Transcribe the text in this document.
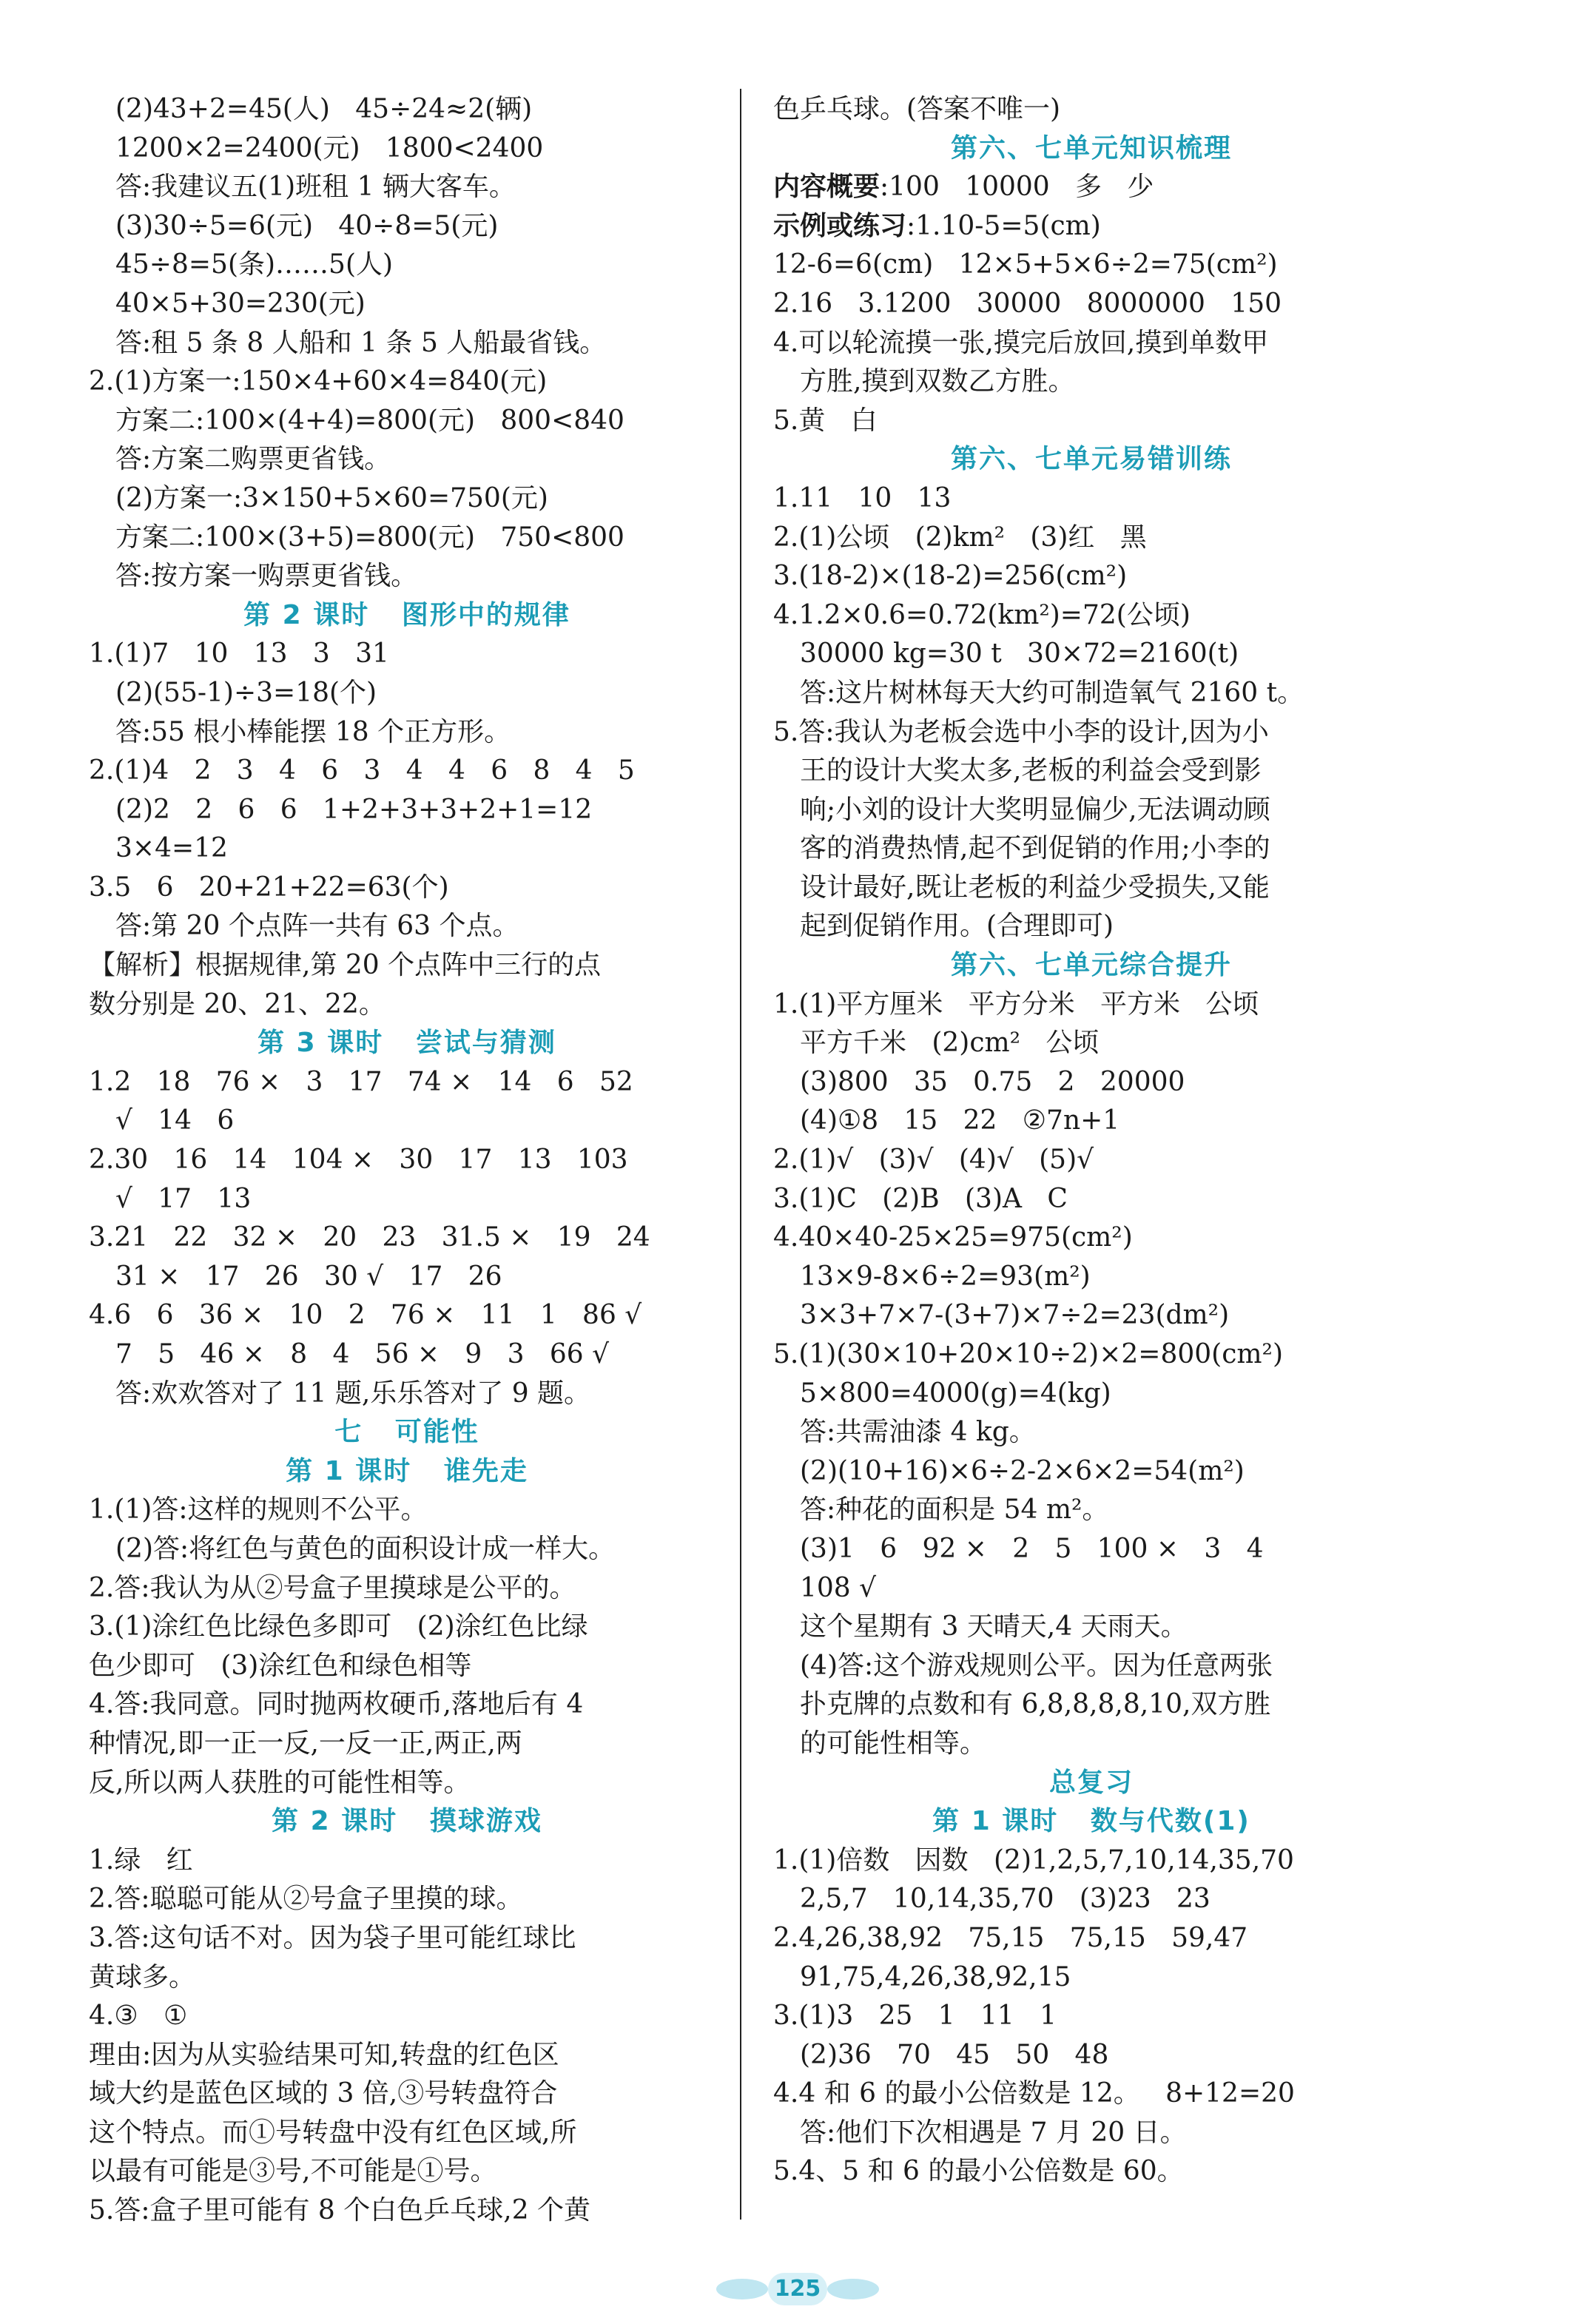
(2)43+2=45(人)   45÷24≈2(辆)
1200×2=2400(元)   1800<2400
答:我建议五(1)班租 1 辆大客车。
(3)30÷5=6(元)   40÷8=5(元)
45÷8=5(条)……5(人)
40×5+30=230(元)
答:租 5 条 8 人船和 1 条 5 人船最省钱。
2.(1)方案一:150×4+60×4=840(元)
方案二:100×(4+4)=800(元)   800<840
答:方案二购票更省钱。
(2)方案一:3×150+5×60=750(元)
方案二:100×(3+5)=800(元)   750<800
答:按方案一购票更省钱。
第 2 课时   图形中的规律
1.(1)7   10   13   3   31
(2)(55-1)÷3=18(个)
答:55 根小棒能摆 18 个正方形。
2.(1)4   2   3   4   6   3   4   4   6   8   4   5
(2)2   2   6   6   1+2+3+3+2+1=12
3×4=12
3.5   6   20+21+22=63(个)
答:第 20 个点阵一共有 63 个点。
【解析】根据规律,第 20 个点阵中三行的点
数分别是 20、21、22。
第 3 课时   尝试与猜测
1.2   18   76 ×   3   17   74 ×   14   6   52
√   14   6
2.30   16   14   104 ×   30   17   13   103
√   17   13
3.21   22   32 ×   20   23   31.5 ×   19   24
31 ×   17   26   30 √   17   26
4.6   6   36 ×   10   2   76 ×   11   1   86 √
7   5   46 ×   8   4   56 ×   9   3   66 √
答:欢欢答对了 11 题,乐乐答对了 9 题。
七   可能性
第 1 课时   谁先走
1.(1)答:这样的规则不公平。
(2)答:将红色与黄色的面积设计成一样大。
2.答:我认为从②号盒子里摸球是公平的。
3.(1)涂红色比绿色多即可   (2)涂红色比绿
色少即可   (3)涂红色和绿色相等
4.答:我同意。同时抛两枚硬币,落地后有 4
种情况,即一正一反,一反一正,两正,两
反,所以两人获胜的可能性相等。
第 2 课时   摸球游戏
1.绿   红
2.答:聪聪可能从②号盒子里摸的球。
3.答:这句话不对。因为袋子里可能红球比
黄球多。
4.③   ①
理由:因为从实验结果可知,转盘的红色区
域大约是蓝色区域的 3 倍,③号转盘符合
这个特点。而①号转盘中没有红色区域,所
以最有可能是③号,不可能是①号。
5.答:盒子里可能有 8 个白色乒乓球,2 个黄
色乒乓球。(答案不唯一)
第六、七单元知识梳理
内容概要:100   10000   多   少
示例或练习:1.10-5=5(cm)
12-6=6(cm)   12×5+5×6÷2=75(cm²)
2.16   3.1200   30000   8000000   150
4.可以轮流摸一张,摸完后放回,摸到单数甲
方胜,摸到双数乙方胜。
5.黄   白
第六、七单元易错训练
1.11   10   13
2.(1)公顷   (2)km²   (3)红   黑
3.(18-2)×(18-2)=256(cm²)
4.1.2×0.6=0.72(km²)=72(公顷)
30000 kg=30 t   30×72=2160(t)
答:这片树林每天大约可制造氧气 2160 t。
5.答:我认为老板会选中小李的设计,因为小
王的设计大奖太多,老板的利益会受到影
响;小刘的设计大奖明显偏少,无法调动顾
客的消费热情,起不到促销的作用;小李的
设计最好,既让老板的利益少受损失,又能
起到促销作用。(合理即可)
第六、七单元综合提升
1.(1)平方厘米   平方分米   平方米   公顷
平方千米   (2)cm²   公顷
(3)800   35   0.75   2   20000
(4)①8   15   22   ②7n+1
2.(1)√   (3)√   (4)√   (5)√
3.(1)C   (2)B   (3)A   C
4.40×40-25×25=975(cm²)
13×9-8×6÷2=93(m²)
3×3+7×7-(3+7)×7÷2=23(dm²)
5.(1)(30×10+20×10÷2)×2=800(cm²)
5×800=4000(g)=4(kg)
答:共需油漆 4 kg。
(2)(10+16)×6÷2-2×6×2=54(m²)
答:种花的面积是 54 m²。
(3)1   6   92 ×   2   5   100 ×   3   4
108 √
这个星期有 3 天晴天,4 天雨天。
(4)答:这个游戏规则公平。因为任意两张
扑克牌的点数和有 6,8,8,8,8,10,双方胜
的可能性相等。
总复习
第 1 课时   数与代数(1)
1.(1)倍数   因数   (2)1,2,5,7,10,14,35,70
2,5,7   10,14,35,70   (3)23   23
2.4,26,38,92   75,15   75,15   59,47
91,75,4,26,38,92,15
3.(1)3   25   1   11   1
(2)36   70   45   50   48
4.4 和 6 的最小公倍数是 12。   8+12=20
答:他们下次相遇是 7 月 20 日。
5.4、5 和 6 的最小公倍数是 60。
125
